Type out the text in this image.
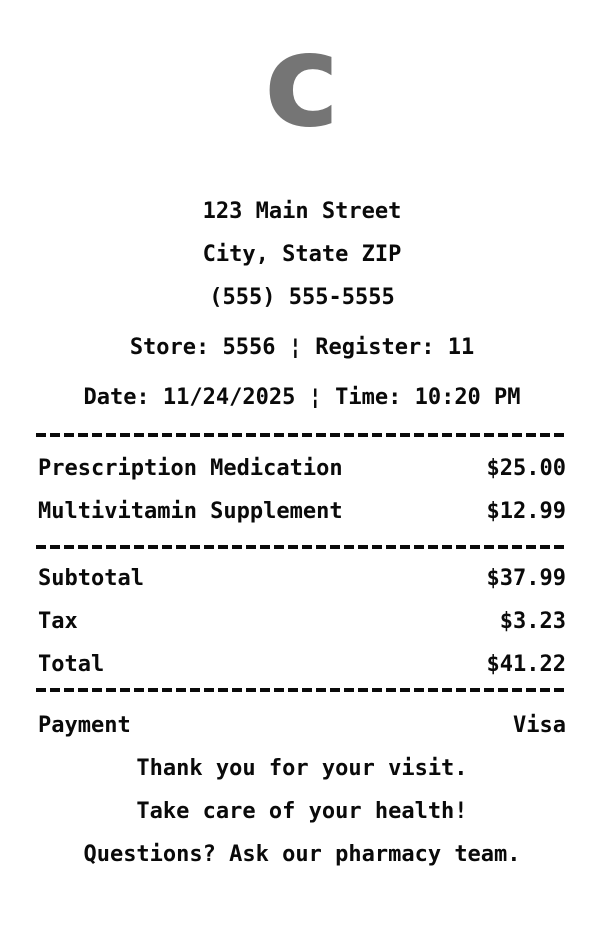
c
123 Main Street
City, State ZIP
(555) 555-5555
Store: 5556 ¦ Register: 11
Date: 11/24/2025 ¦ Time: 10:20 PM
Prescription Medication	$25.00
Multivitamin Supplement	$12.99
Subtotal	$37.99
Tax	$3.23
Total	$41.22
Payment	Visa
Thank you for your visit.
Take care of your health!
Questions? Ask our pharmacy team.
